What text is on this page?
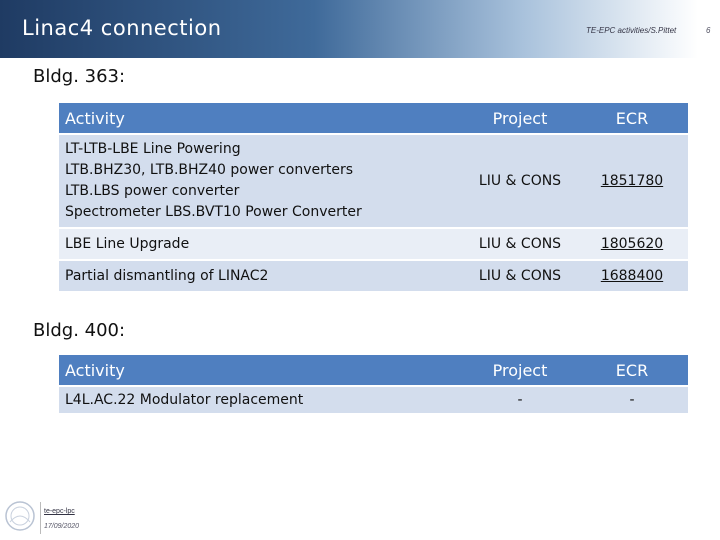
Linac4 connection	TE-EPC activities/S.Pittet	6
Bldg. 363:
Activity	Project	ECR

LT-LTB-LBE Line Powering
LTB.BHZ30, LTB.BHZ40 power converters
LTB.LBS power converter
Spectrometer LBS.BVT10 Power Converter	LIU & CONS	1851780
LBE Line Upgrade	LIU & CONS	1805620
Partial dismantling of LINAC2	LIU & CONS	1688400
Bldg. 400:
Activity	Project	ECR
L4L.AC.22 Modulator replacement	-	-
te-epc-lpc
17/09/2020
